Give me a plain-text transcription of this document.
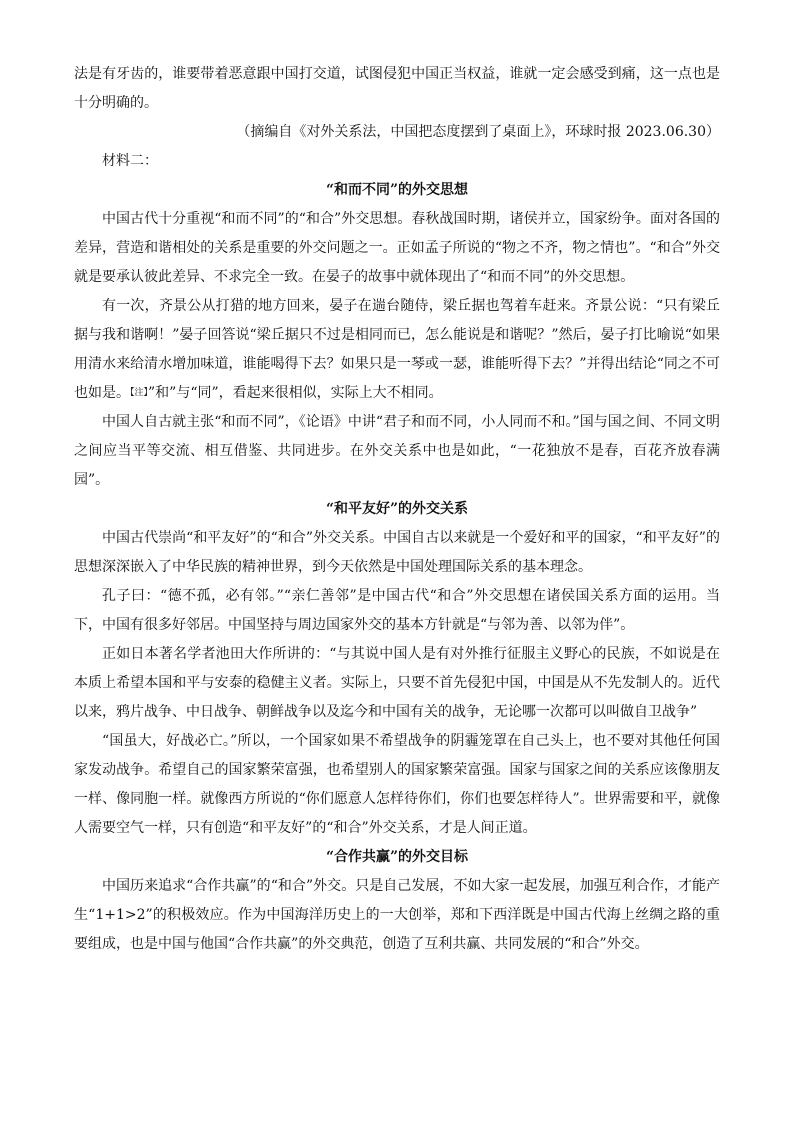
法是有牙齿的，谁要带着恶意跟中国打交道，试图侵犯中国正当权益，谁就一定会感受到痛，这一点也是十分明确的。

（摘编自《对外关系法，中国把态度摆到了桌面上》，环球时报 2023.06.30）

材料二：

“和而不同”的外交思想

中国古代十分重视“和而不同”的“和合”外交思想。春秋战国时期，诸侯并立，国家纷争。面对各国的差异，营造和谐相处的关系是重要的外交问题之一。正如孟子所说的“物之不齐，物之情也”。“和合”外交就是要承认彼此差异、不求完全一致。在晏子的故事中就体现出了“和而不同”的外交思想。

有一次，齐景公从打猎的地方回来，晏子在遄台随侍，梁丘据也驾着车赶来。齐景公说：“只有梁丘据与我和谐啊！”晏子回答说“梁丘据只不过是相同而已，怎么能说是和谐呢？”然后，晏子打比喻说“如果用清水来给清水增加味道，谁能喝得下去？如果只是一琴或一瑟，谁能听得下去？”并得出结论“同之不可也如是。【注】”和”与“同”，看起来很相似，实际上大不相同。

中国人自古就主张“和而不同”，《论语》中讲“君子和而不同，小人同而不和。”国与国之间、不同文明之间应当平等交流、相互借鉴、共同进步。在外交关系中也是如此，“一花独放不是春，百花齐放春满园”。

“和平友好”的外交关系

中国古代崇尚“和平友好”的“和合”外交关系。中国自古以来就是一个爱好和平的国家，“和平友好”的思想深深嵌入了中华民族的精神世界，到今天依然是中国处理国际关系的基本理念。

孔子曰：“德不孤，必有邻。”“亲仁善邻”是中国古代“和合”外交思想在诸侯国关系方面的运用。当下，中国有很多好邻居。中国坚持与周边国家外交的基本方针就是“与邻为善、以邻为伴”。

正如日本著名学者池田大作所讲的：“与其说中国人是有对外推行征服主义野心的民族，不如说是在本质上希望本国和平与安泰的稳健主义者。实际上，只要不首先侵犯中国，中国是从不先发制人的。近代以来，鸦片战争、中日战争、朝鲜战争以及迄今和中国有关的战争，无论哪一次都可以叫做自卫战争”

“国虽大，好战必亡。”所以，一个国家如果不希望战争的阴霾笼罩在自己头上，也不要对其他任何国家发动战争。希望自己的国家繁荣富强，也希望别人的国家繁荣富强。国家与国家之间的关系应该像朋友一样、像同胞一样。就像西方所说的“你们愿意人怎样待你们，你们也要怎样待人”。世界需要和平，就像人需要空气一样，只有创造“和平友好”的“和合”外交关系，才是人间正道。

“合作共赢”的外交目标

中国历来追求“合作共赢”的“和合”外交。只是自己发展，不如大家一起发展，加强互利合作，才能产生“1+1>2”的积极效应。作为中国海洋历史上的一大创举，郑和下西洋既是中国古代海上丝绸之路的重要组成，也是中国与他国“合作共赢”的外交典范，创造了互利共赢、共同发展的“和合”外交。
